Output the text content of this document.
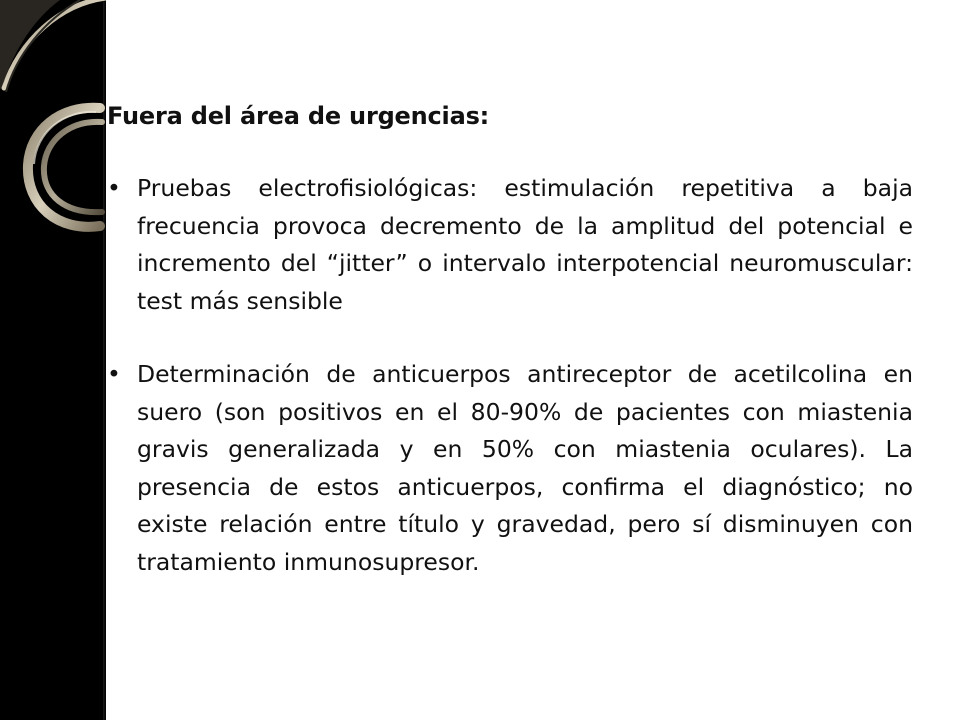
Fuera del área de urgencias:
• Pruebas electrofisiológicas: estimulación repetitiva a baja frecuencia provoca decremento de la amplitud del potencial e incremento del “jitter” o intervalo interpotencial neuromuscular: test más sensible
• Determinación de anticuerpos antireceptor de acetilcolina en suero (son positivos en el 80-90% de pacientes con miastenia gravis generalizada y en 50% con miastenia oculares). La presencia de estos anticuerpos, confirma el diagnóstico; no existe relación entre título y gravedad, pero sí disminuyen con tratamiento inmunosupresor.
